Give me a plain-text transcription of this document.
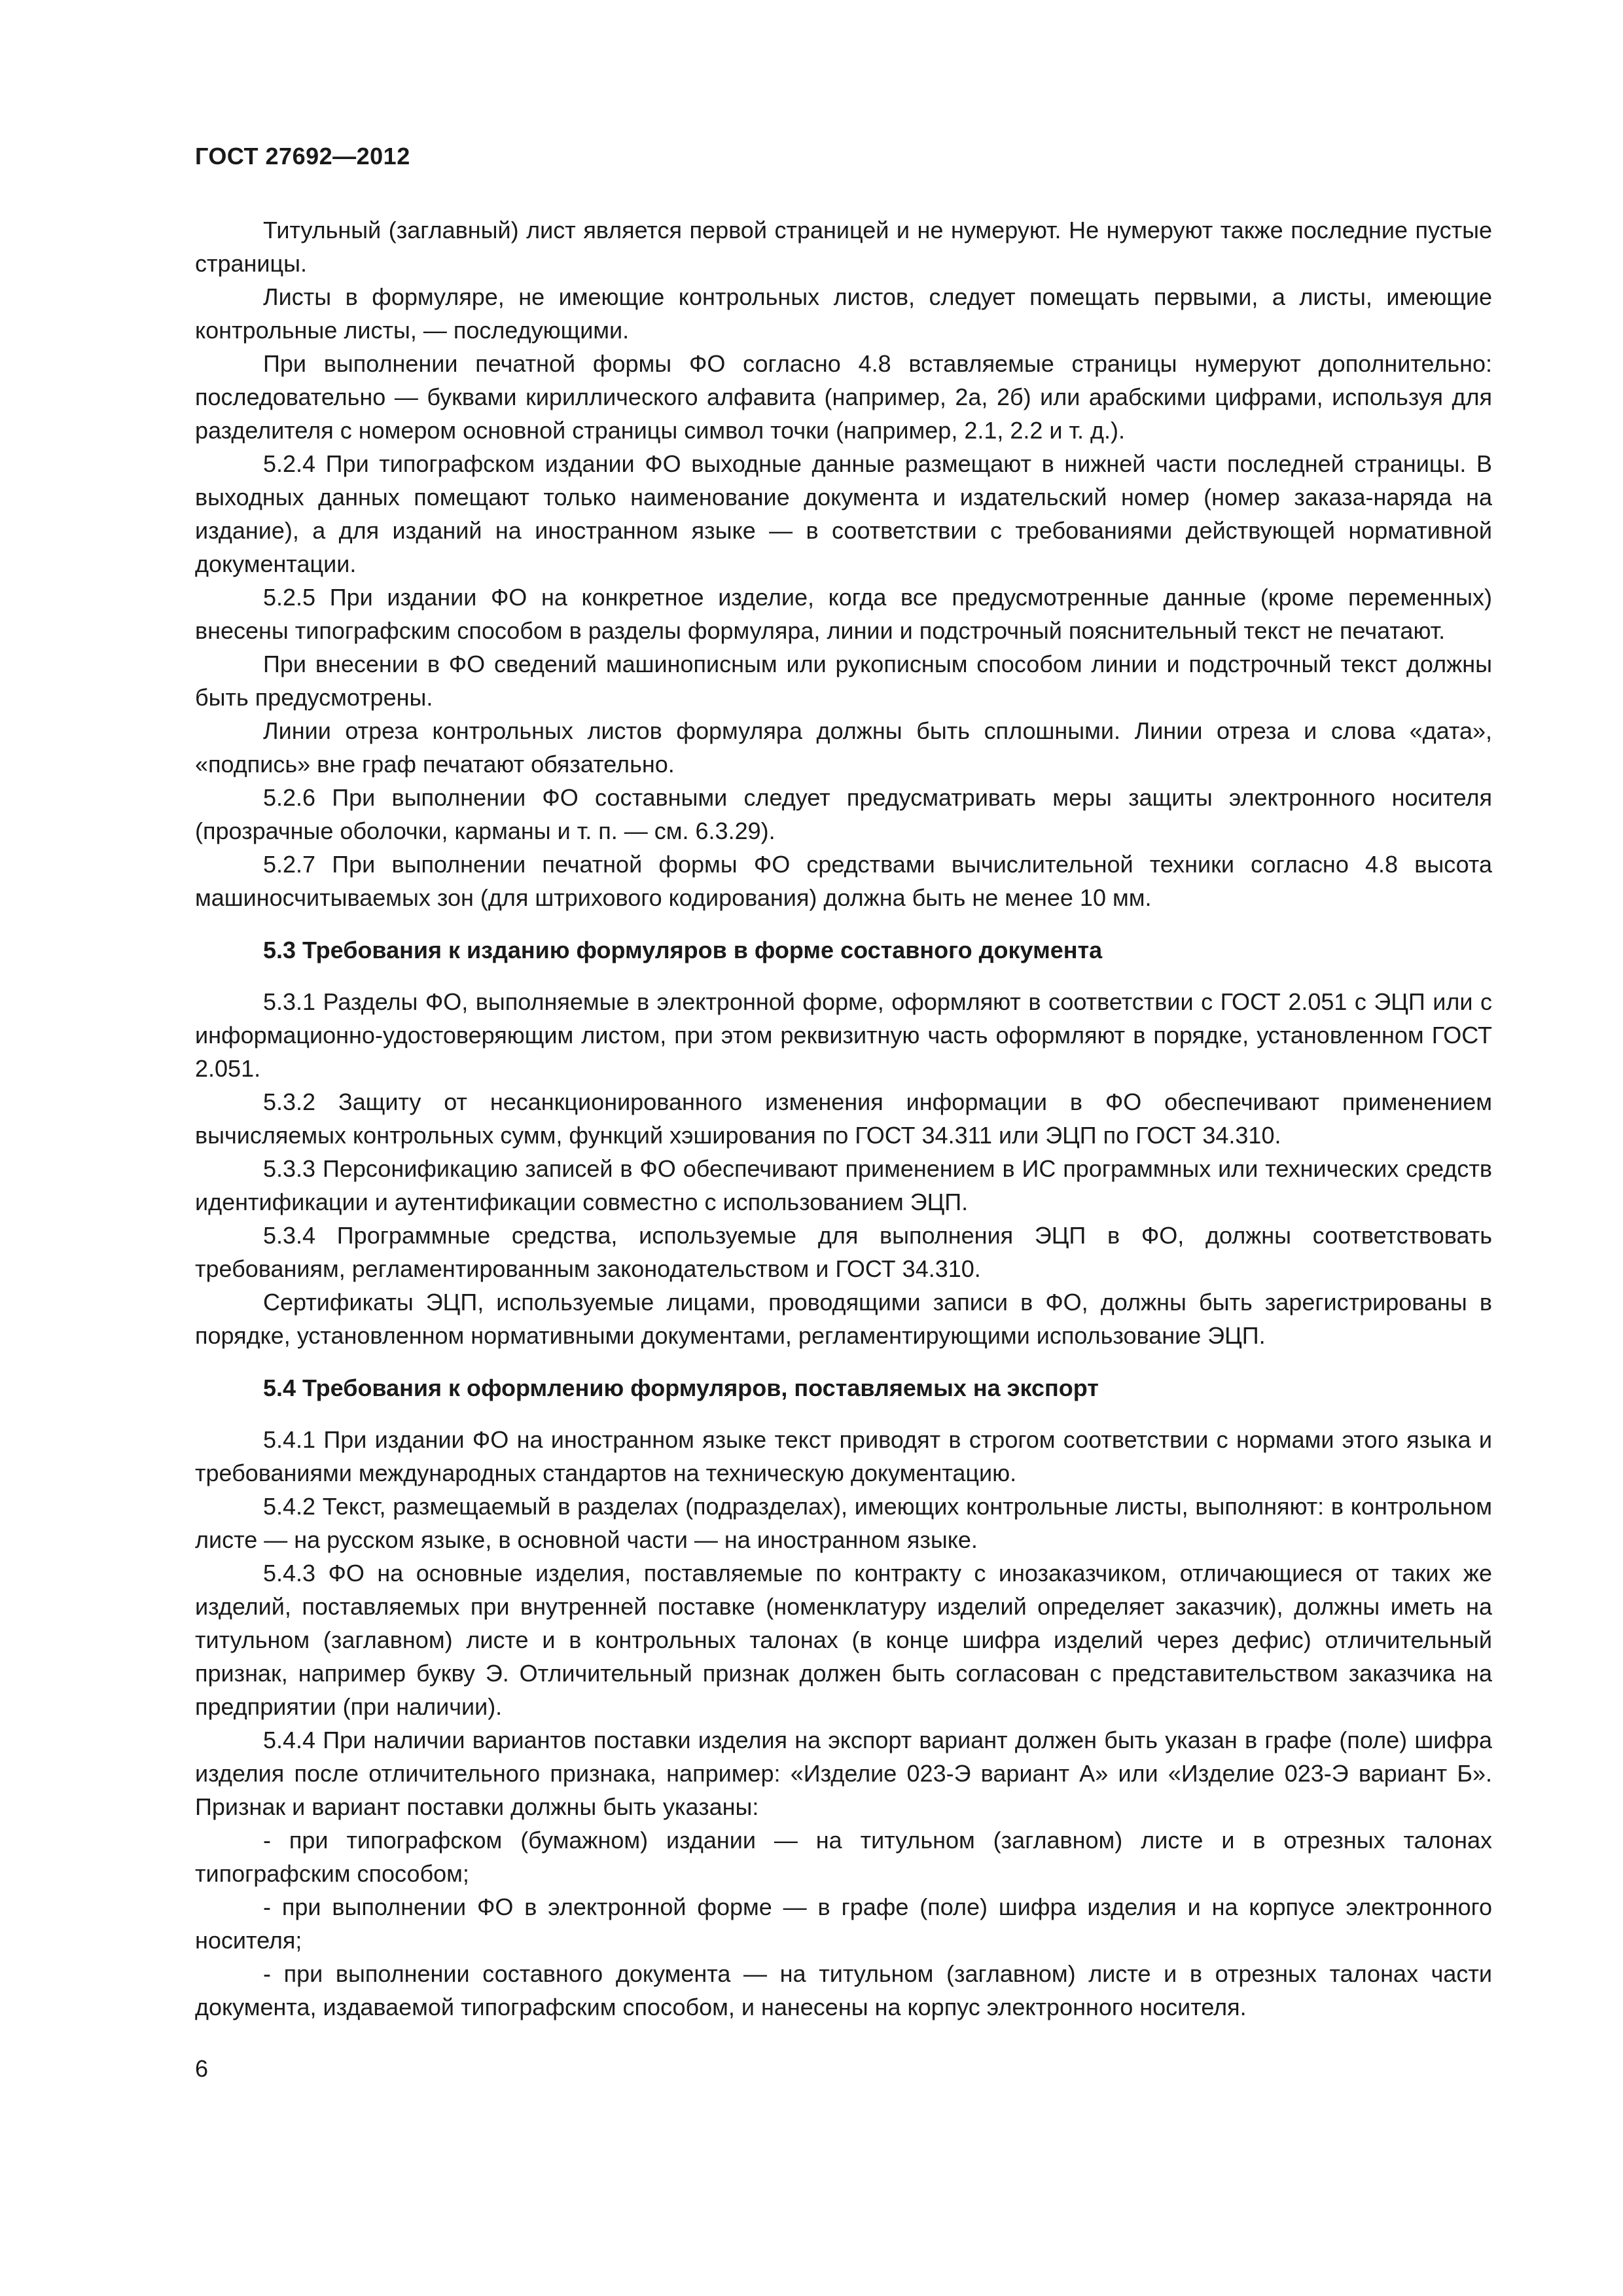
ГОСТ 27692—2012

Титульный (заглавный) лист является первой страницей и не нумеруют. Не нумеруют также последние пустые страницы.

Листы в формуляре, не имеющие контрольных листов, следует помещать первыми, а листы, имеющие контрольные листы, — последующими.

При выполнении печатной формы ФО согласно 4.8 вставляемые страницы нумеруют дополнительно: последовательно — буквами кириллического алфавита (например, 2а, 2б) или арабскими цифрами, используя для разделителя с номером основной страницы символ точки (например, 2.1, 2.2 и т. д.).

5.2.4 При типографском издании ФО выходные данные размещают в нижней части последней страницы. В выходных данных помещают только наименование документа и издательский номер (номер заказа-наряда на издание), а для изданий на иностранном языке — в соответствии с требованиями действующей нормативной документации.

5.2.5 При издании ФО на конкретное изделие, когда все предусмотренные данные (кроме переменных) внесены типографским способом в разделы формуляра, линии и подстрочный пояснительный текст не печатают.

При внесении в ФО сведений машинописным или рукописным способом линии и подстрочный текст должны быть предусмотрены.

Линии отреза контрольных листов формуляра должны быть сплошными. Линии отреза и слова «дата», «подпись» вне граф печатают обязательно.

5.2.6 При выполнении ФО составными следует предусматривать меры защиты электронного носителя (прозрачные оболочки, карманы и т. п. — см. 6.3.29).

5.2.7 При выполнении печатной формы ФО средствами вычислительной техники согласно 4.8 высота машиносчитываемых зон (для штрихового кодирования) должна быть не менее 10 мм.

5.3 Требования к изданию формуляров в форме составного документа

5.3.1 Разделы ФО, выполняемые в электронной форме, оформляют в соответствии с ГОСТ 2.051 с ЭЦП или с информационно-удостоверяющим листом, при этом реквизитную часть оформляют в порядке, установленном ГОСТ 2.051.

5.3.2 Защиту от несанкционированного изменения информации в ФО обеспечивают применением вычисляемых контрольных сумм, функций хэширования по ГОСТ 34.311 или ЭЦП по ГОСТ 34.310.

5.3.3 Персонификацию записей в ФО обеспечивают применением в ИС программных или технических средств идентификации и аутентификации совместно с использованием ЭЦП.

5.3.4 Программные средства, используемые для выполнения ЭЦП в ФО, должны соответствовать требованиям, регламентированным законодательством и ГОСТ 34.310.

Сертификаты ЭЦП, используемые лицами, проводящими записи в ФО, должны быть зарегистрированы в порядке, установленном нормативными документами, регламентирующими использование ЭЦП.

5.4 Требования к оформлению формуляров, поставляемых на экспорт

5.4.1 При издании ФО на иностранном языке текст приводят в строгом соответствии с нормами этого языка и требованиями международных стандартов на техническую документацию.

5.4.2 Текст, размещаемый в разделах (подразделах), имеющих контрольные листы, выполняют: в контрольном листе — на русском языке, в основной части — на иностранном языке.

5.4.3 ФО на основные изделия, поставляемые по контракту с инозаказчиком, отличающиеся от таких же изделий, поставляемых при внутренней поставке (номенклатуру изделий определяет заказчик), должны иметь на титульном (заглавном) листе и в контрольных талонах (в конце шифра изделий через дефис) отличительный признак, например букву Э. Отличительный признак должен быть согласован с представительством заказчика на предприятии (при наличии).

5.4.4 При наличии вариантов поставки изделия на экспорт вариант должен быть указан в графе (поле) шифра изделия после отличительного признака, например: «Изделие 023-Э вариант А» или «Изделие 023-Э вариант Б». Признак и вариант поставки должны быть указаны:

- при типографском (бумажном) издании — на титульном (заглавном) листе и в отрезных талонах типографским способом;

- при выполнении ФО в электронной форме — в графе (поле) шифра изделия и на корпусе электронного носителя;

- при выполнении составного документа — на титульном (заглавном) листе и в отрезных талонах части документа, издаваемой типографским способом, и нанесены на корпус электронного носителя.

6
